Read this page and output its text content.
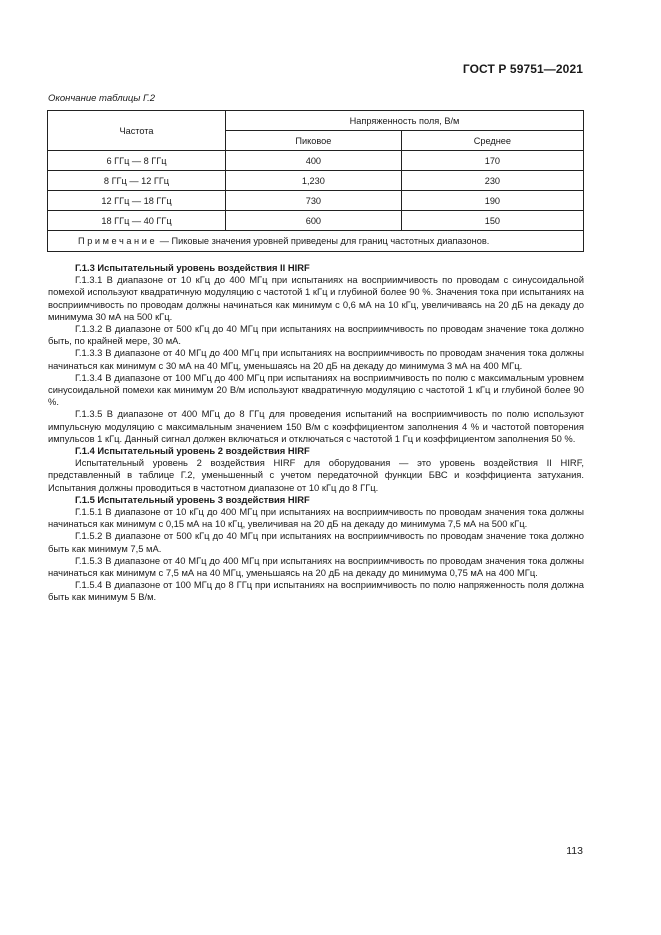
ГОСТ Р 59751—2021
Окончание таблицы Г.2
Частота	Напряженность поля, В/м	
	Пиковое	Среднее
6 ГГц — 8 ГГц	400	170
8 ГГц — 12 ГГц	1,230	230
12 ГГц — 18 ГГц	730	190
18 ГГц — 40 ГГц	600	150
Примечание — Пиковые значения уровней приведены для границ частотных диапазонов.		

Г.1.3 Испытательный уровень воздействия II HIRF

Г.1.3.1 В диапазоне от 10 кГц до 400 МГц при испытаниях на восприимчивость по проводам с синусоидальной помехой используют квадратичную модуляцию с частотой 1 кГц и глубиной более 90 %. Значения тока при испытаниях на восприимчивость по проводам должны начинаться как минимум с 0,6 мА на 10 кГц, увеличиваясь на 20 дБ на декаду до минимума 30 мА на 500 кГц.

Г.1.3.2 В диапазоне от 500 кГц до 40 МГц при испытаниях на восприимчивость по проводам значение тока должно быть, по крайней мере, 30 мА.

Г.1.3.3 В диапазоне от 40 МГц до 400 МГц при испытаниях на восприимчивость по проводам значения тока должны начинаться как минимум с 30 мА на 40 МГц, уменьшаясь на 20 дБ на декаду до минимума 3 мА на 400 МГц.

Г.1.3.4 В диапазоне от 100 МГц до 400 МГц при испытаниях на восприимчивость по полю с максимальным уровнем синусоидальной помехи как минимум 20 В/м используют квадратичную модуляцию с частотой 1 кГц и глубиной более 90 %.

Г.1.3.5 В диапазоне от 400 МГц до 8 ГГц для проведения испытаний на восприимчивость по полю используют импульсную модуляцию с максимальным значением 150 В/м с коэффициентом заполнения 4 % и частотой повторения импульсов 1 кГц. Данный сигнал должен включаться и отключаться с частотой 1 Гц и коэффициентом заполнения 50 %.

Г.1.4 Испытательный уровень 2 воздействия HIRF

Испытательный уровень 2 воздействия HIRF для оборудования — это уровень воздействия II HIRF, представленный в таблице Г.2, уменьшенный с учетом передаточной функции БВС и коэффициента затухания. Испытания должны проводиться в частотном диапазоне от 10 кГц до 8 ГГц.

Г.1.5 Испытательный уровень 3 воздействия HIRF

Г.1.5.1 В диапазоне от 10 кГц до 400 МГц при испытаниях на восприимчивость по проводам значения тока должны начинаться как минимум с 0,15 мА на 10 кГц, увеличивая на 20 дБ на декаду до минимума 7,5 мА на 500 кГц.

Г.1.5.2 В диапазоне от 500 кГц до 40 МГц при испытаниях на восприимчивость по проводам значение тока должно быть как минимум 7,5 мА.

Г.1.5.3 В диапазоне от 40 МГц до 400 МГц при испытаниях на восприимчивость по проводам значения тока должны начинаться как минимум с 7,5 мА на 40 МГц, уменьшаясь на 20 дБ на декаду до минимума 0,75 мА на 400 МГц.

Г.1.5.4 В диапазоне от 100 МГц до 8 ГГц при испытаниях на восприимчивость по полю напряженность поля должна быть как минимум 5 В/м.

113
